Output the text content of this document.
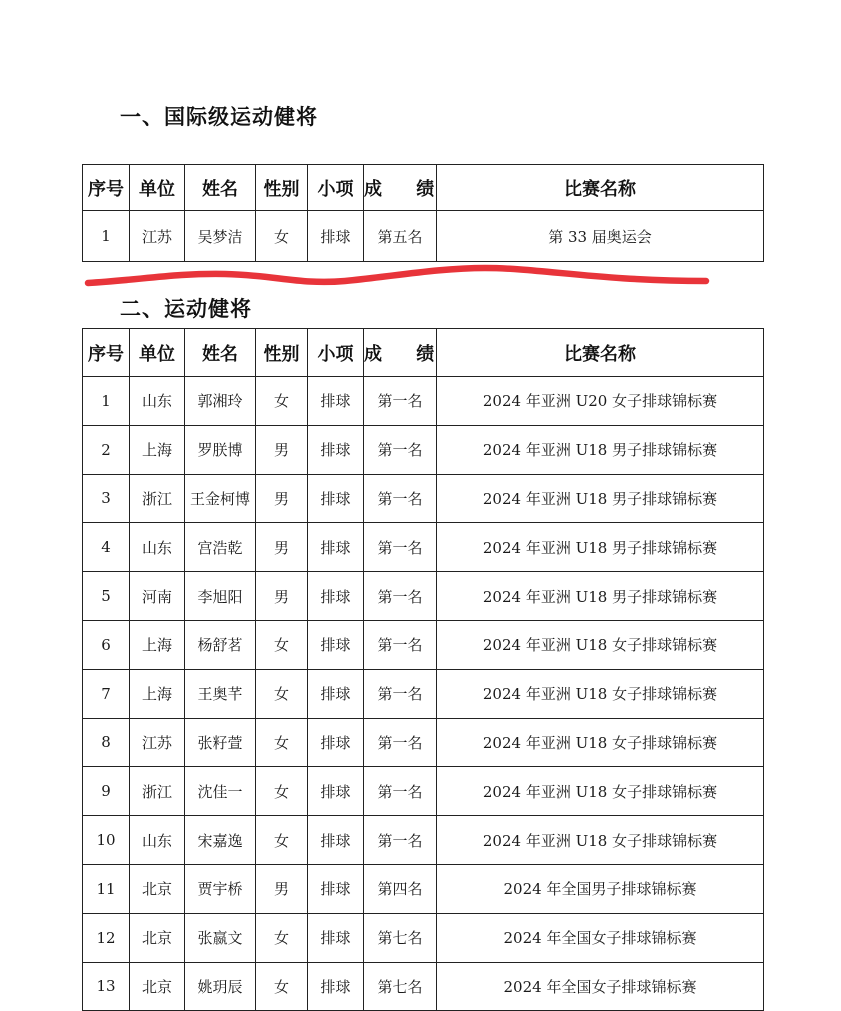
一、国际级运动健将
序号	单位	姓名	性别	小项	成 绩	比赛名称
1	江苏	吴梦洁	女	排球	第五名	第 33 届奥运会
二、运动健将
序号	单位	姓名	性别	小项	成 绩	比赛名称
1	山东	郭湘玲	女	排球	第一名	2024 年亚洲 U20 女子排球锦标赛
2	上海	罗朕博	男	排球	第一名	2024 年亚洲 U18 男子排球锦标赛
3	浙江	王金柯博	男	排球	第一名	2024 年亚洲 U18 男子排球锦标赛
4	山东	宫浩乾	男	排球	第一名	2024 年亚洲 U18 男子排球锦标赛
5	河南	李旭阳	男	排球	第一名	2024 年亚洲 U18 男子排球锦标赛
6	上海	杨舒茗	女	排球	第一名	2024 年亚洲 U18 女子排球锦标赛
7	上海	王奥芊	女	排球	第一名	2024 年亚洲 U18 女子排球锦标赛
8	江苏	张籽萱	女	排球	第一名	2024 年亚洲 U18 女子排球锦标赛
9	浙江	沈佳一	女	排球	第一名	2024 年亚洲 U18 女子排球锦标赛
10	山东	宋嘉逸	女	排球	第一名	2024 年亚洲 U18 女子排球锦标赛
11	北京	贾宇桥	男	排球	第四名	2024 年全国男子排球锦标赛
12	北京	张嬴文	女	排球	第七名	2024 年全国女子排球锦标赛
13	北京	姚玥辰	女	排球	第七名	2024 年全国女子排球锦标赛
